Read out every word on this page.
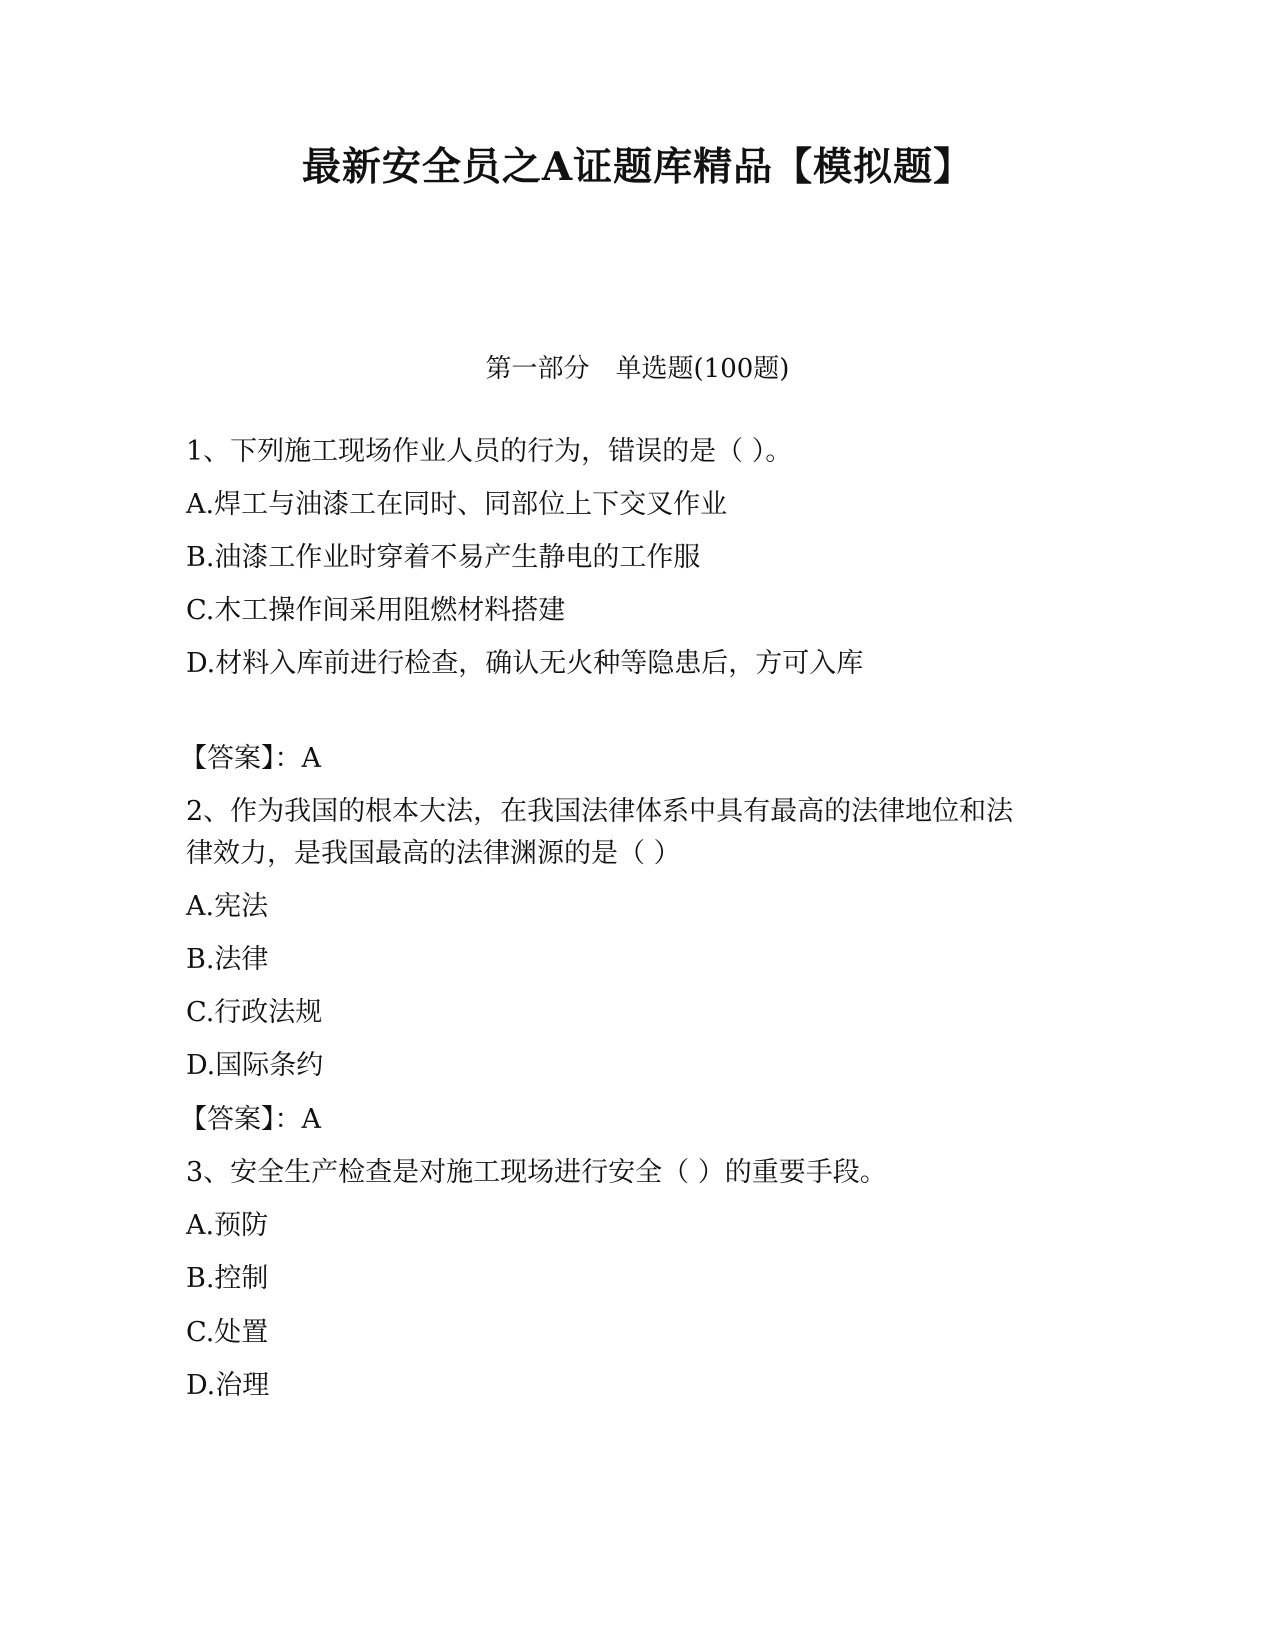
最新安全员之A证题库精品【模拟题】
第一部分　单选题(100题)
1、下列施工现场作业人员的行为，错误的是（ ）。
A.焊工与油漆工在同时、同部位上下交叉作业
B.油漆工作业时穿着不易产生静电的工作服
C.木工操作间采用阻燃材料搭建
D.材料入库前进行检查，确认无火种等隐患后，方可入库
【答案】：A
2、作为我国的根本大法，在我国法律体系中具有最高的法律地位和法
律效力，是我国最高的法律渊源的是（ ）
A.宪法
B.法律
C.行政法规
D.国际条约
【答案】：A
3、安全生产检查是对施工现场进行安全（ ）的重要手段。
A.预防
B.控制
C.处置
D.治理
